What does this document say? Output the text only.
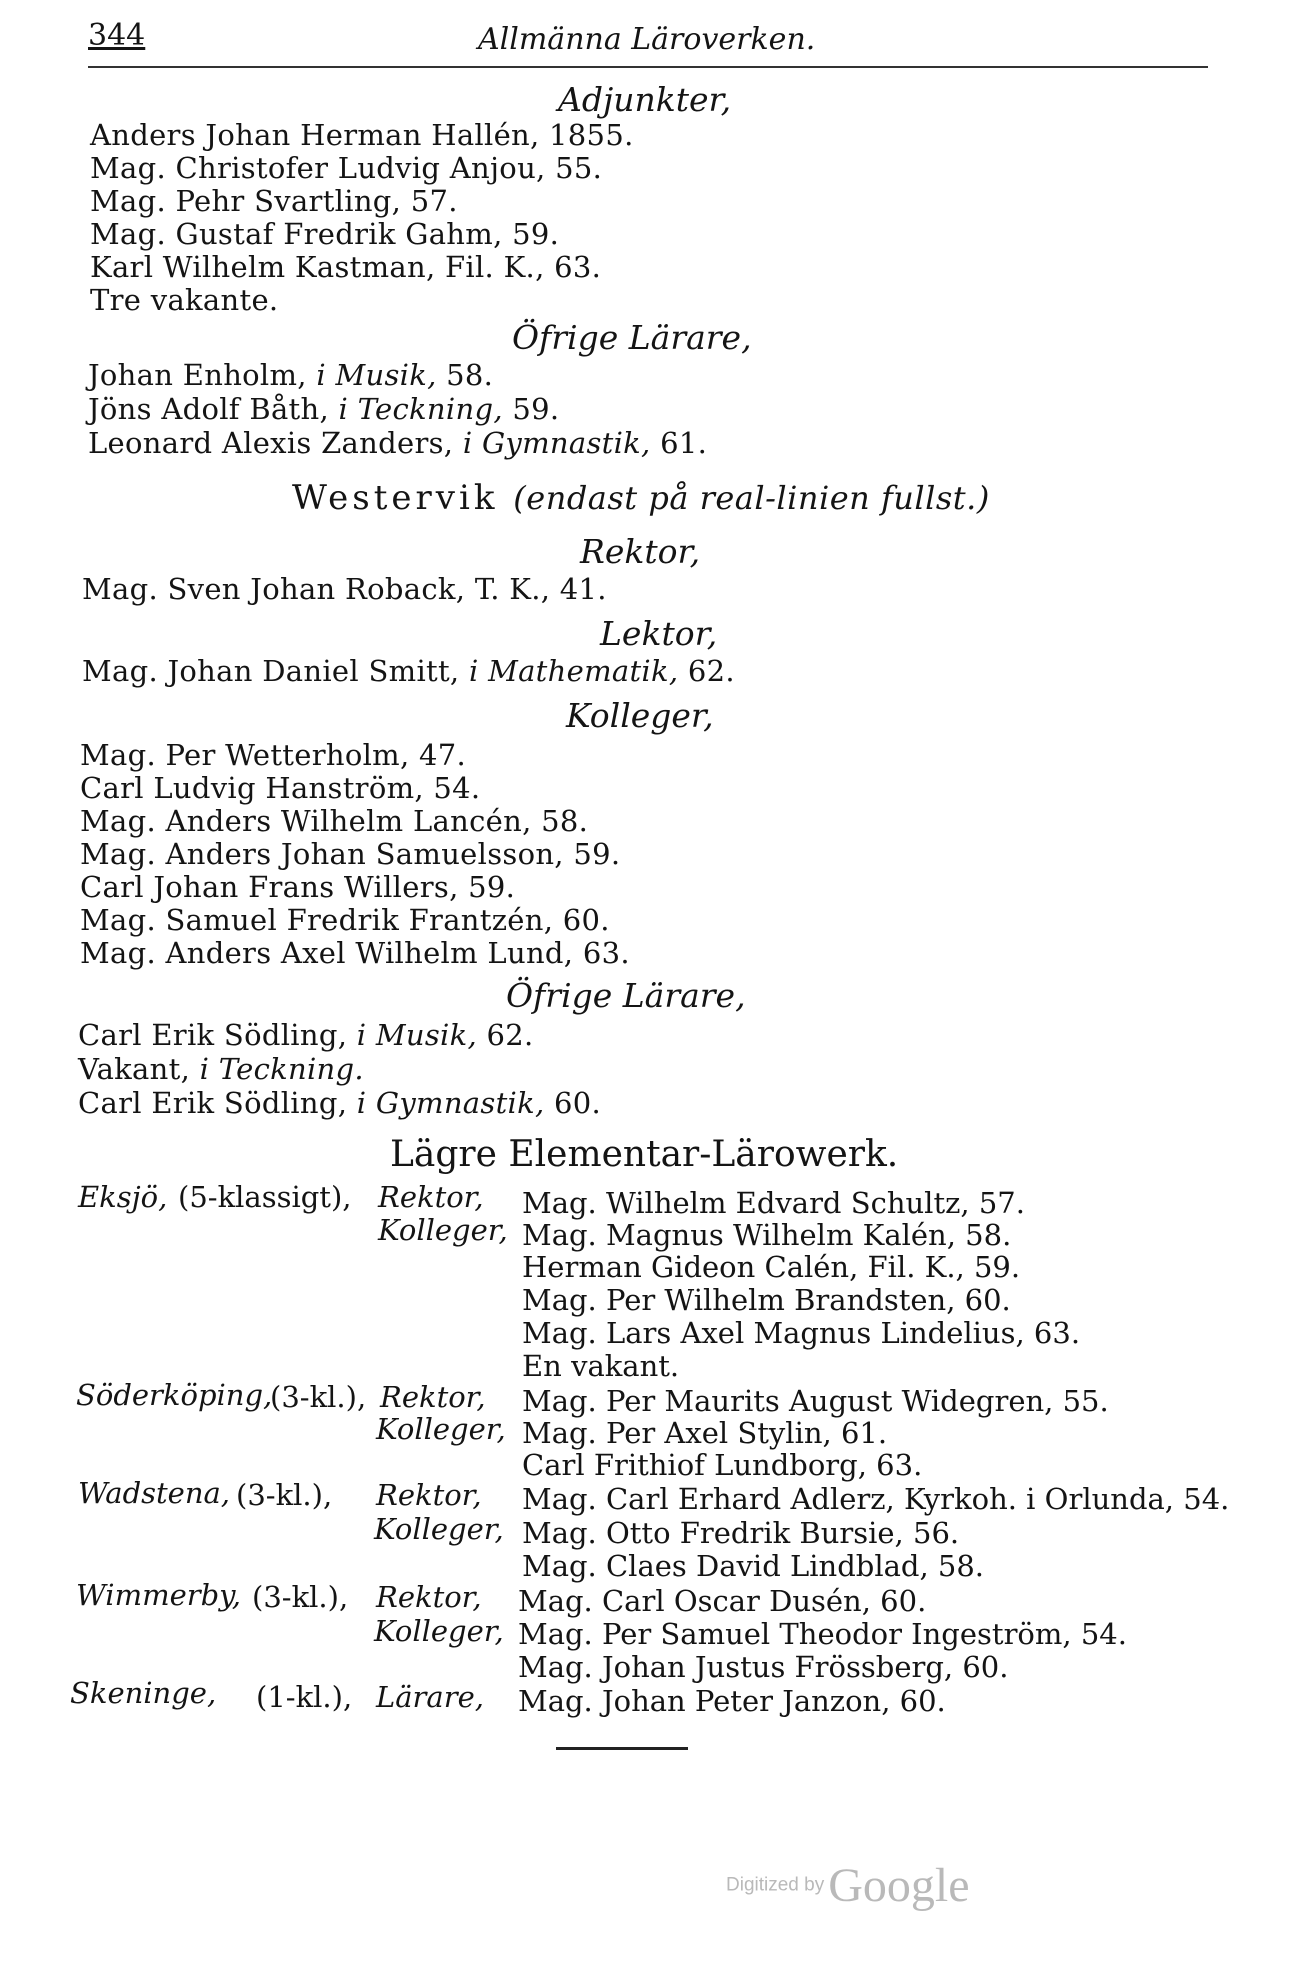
344	Allmänna Läroverken.
Adjunkter,
Anders Johan Herman Hallén, 1855.
Mag. Christofer Ludvig Anjou, 55.
Mag. Pehr Svartling, 57.
Mag. Gustaf Fredrik Gahm, 59.
Karl Wilhelm Kastman, Fil. K., 63.
Tre vakante.
Öfrige Lärare,
Johan Enholm, i Musik, 58.
Jöns Adolf Båth, i Teckning, 59.
Leonard Alexis Zanders, i Gymnastik, 61.
Westervik (endast på real-linien fullst.)
Rektor,
Mag. Sven Johan Roback, T. K., 41.
Lektor,
Mag. Johan Daniel Smitt, i Mathematik, 62.
Kolleger,
Mag. Per Wetterholm, 47.
Carl Ludvig Hanström, 54.
Mag. Anders Wilhelm Lancén, 58.
Mag. Anders Johan Samuelsson, 59.
Carl Johan Frans Willers, 59.
Mag. Samuel Fredrik Frantzén, 60.
Mag. Anders Axel Wilhelm Lund, 63.
Öfrige Lärare,
Carl Erik Södling, i Musik, 62.
Vakant, i Teckning.
Carl Erik Södling, i Gymnastik, 60.
Lägre Elementar-Lärowerk.
Eksjö, (5-klassigt), Rektor, Mag. Wilhelm Edvard Schultz, 57.
Kolleger, Mag. Magnus Wilhelm Kalén, 58.
Herman Gideon Calén, Fil. K., 59.
Mag. Per Wilhelm Brandsten, 60.
Mag. Lars Axel Magnus Lindelius, 63.
En vakant.
Söderköping,
(3-kl.), Rektor, Mag. Per Maurits August Widegren, 55.
Kolleger, Mag. Per Axel Stylin, 61.
Carl Frithiof Lundborg, 63.
Wadstena, (3-kl.), Rektor, Mag. Carl Erhard Adlerz, Kyrkoh. i Orlunda, 54.
Kolleger, Mag. Otto Fredrik Bursie, 56.
Mag. Claes David Lindblad, 58.
Wimmerby, (3-kl.), Rektor, Mag. Carl Oscar Dusén, 60.
Kolleger, Mag. Per Samuel Theodor Ingeström, 54.
Mag. Johan Justus Frössberg, 60.
Skeninge, (1-kl.), Lärare, Mag. Johan Peter Janzon, 60.
Digitized byGoogle
